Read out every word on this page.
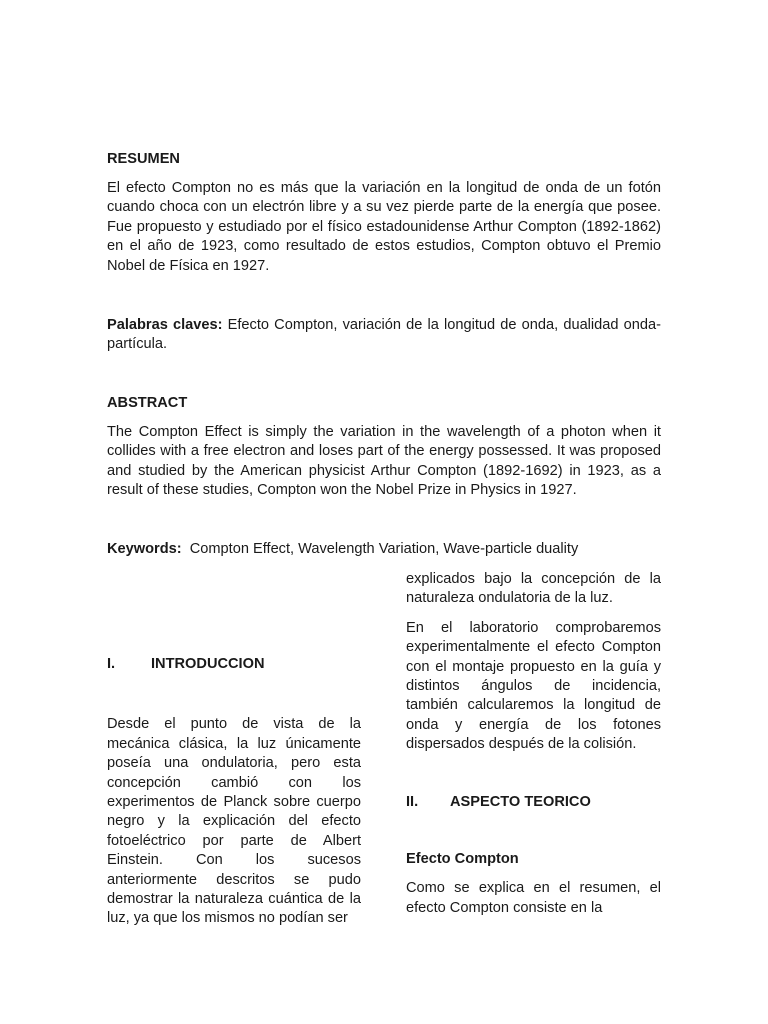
RESUMEN

El efecto Compton no es más que la variación en la longitud de onda de un fotón cuando choca con un electrón libre y a su vez pierde parte de la energía que posee. Fue propuesto y estudiado por el físico estadounidense Arthur Compton (1892-1862) en el año de 1923, como resultado de estos estudios, Compton obtuvo el Premio Nobel de Física en 1927.

Palabras claves: Efecto Compton, variación de la longitud de onda, dualidad onda-partícula.

ABSTRACT

The Compton Effect is simply the variation in the wavelength of a photon when it collides with a free electron and loses part of the energy possessed. It was proposed and studied by the American physicist Arthur Compton (1892-1692) in 1923, as a result of these studies, Compton won the Nobel Prize in Physics in 1927.

Keywords:  Compton Effect, Wavelength Variation, Wave-particle duality

I.	INTRODUCCION

Desde el punto de vista de la mecánica clásica, la luz únicamente poseía una ondulatoria, pero esta concepción cambió con los experimentos de Planck sobre cuerpo negro y la explicación del efecto fotoeléctrico por parte de Albert Einstein. Con los sucesos anteriormente descritos se pudo demostrar la naturaleza cuántica de la luz, ya que los mismos no podían ser

explicados bajo la concepción de la naturaleza ondulatoria de la luz.

En el laboratorio comprobaremos experimentalmente el efecto Compton con el montaje propuesto en la guía y distintos ángulos de incidencia, también calcularemos la longitud de onda y energía de los fotones dispersados después de la colisión.

II.	ASPECTO TEORICO

Efecto Compton

Como se explica en el resumen, el efecto Compton consiste en la
